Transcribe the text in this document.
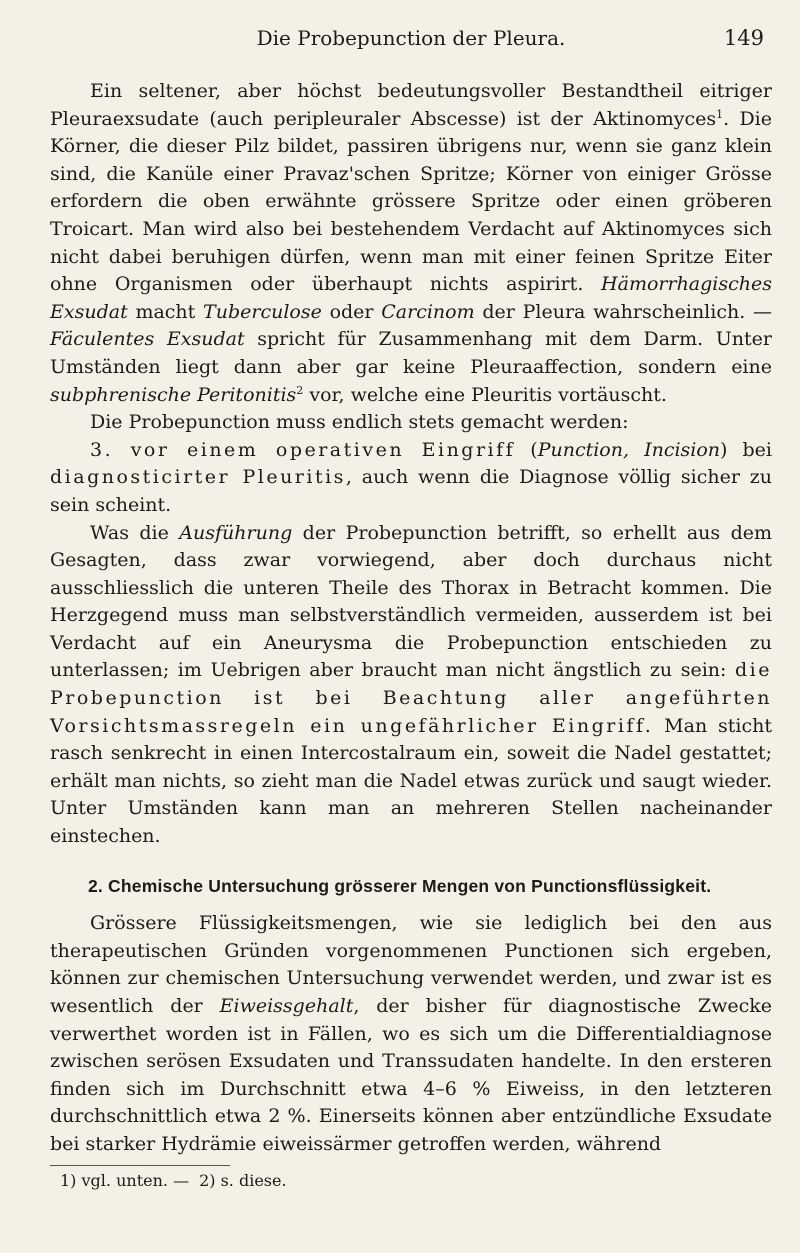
Die Probepunction der Pleura.	149

Ein seltener, aber höchst bedeutungsvoller Bestandtheil eitriger Pleuraexsudate (auch peripleuraler Abscesse) ist der Aktinomyces$^1$. Die Körner, die dieser Pilz bildet, passiren übrigens nur, wenn sie ganz klein sind, die Kanüle einer Pravaz'schen Spritze; Körner von einiger Grösse erfordern die oben erwähnte grössere Spritze oder einen gröberen Troicart. Man wird also bei bestehendem Verdacht auf Aktinomyces sich nicht dabei beruhigen dürfen, wenn man mit einer feinen Spritze Eiter ohne Organismen oder überhaupt nichts aspirirt. Hämorrhagisches Exsudat macht Tuberculose oder Carcinom der Pleura wahrscheinlich. — Fäculentes Exsudat spricht für Zusammenhang mit dem Darm. Unter Umständen liegt dann aber gar keine Pleuraaffection, sondern eine subphrenische Peritonitis$^2$ vor, welche eine Pleuritis vortäuscht.

Die Probepunction muss endlich stets gemacht werden:

3. vor einem operativen Eingriff (Punction, Incision) bei diagnosticirter Pleuritis, auch wenn die Diagnose völlig sicher zu sein scheint.

Was die Ausführung der Probepunction betrifft, so erhellt aus dem Gesagten, dass zwar vorwiegend, aber doch durchaus nicht ausschliesslich die unteren Theile des Thorax in Betracht kommen. Die Herzgegend muss man selbstverständlich vermeiden, ausserdem ist bei Verdacht auf ein Aneurysma die Probepunction entschieden zu unterlassen; im Uebrigen aber braucht man nicht ängstlich zu sein: die Probepunction ist bei Beachtung aller angeführten Vorsichtsmassregeln ein ungefährlicher Eingriff. Man sticht rasch senkrecht in einen Intercostalraum ein, soweit die Nadel gestattet; erhält man nichts, so zieht man die Nadel etwas zurück und saugt wieder. Unter Umständen kann man an mehreren Stellen nacheinander einstechen.

2. Chemische Untersuchung grösserer Mengen von Punctionsflüssigkeit.

Grössere Flüssigkeitsmengen, wie sie lediglich bei den aus therapeutischen Gründen vorgenommenen Punctionen sich ergeben, können zur chemischen Untersuchung verwendet werden, und zwar ist es wesentlich der Eiweissgehalt, der bisher für diagnostische Zwecke verwerthet worden ist in Fällen, wo es sich um die Differentialdiagnose zwischen serösen Exsudaten und Transsudaten handelte. In den ersteren finden sich im Durchschnitt etwa 4–6 % Eiweiss, in den letzteren durchschnittlich etwa 2 %. Einerseits können aber entzündliche Exsudate bei starker Hydrämie eiweissärmer getroffen werden, während

1) vgl. unten. — 2) s. diese.
